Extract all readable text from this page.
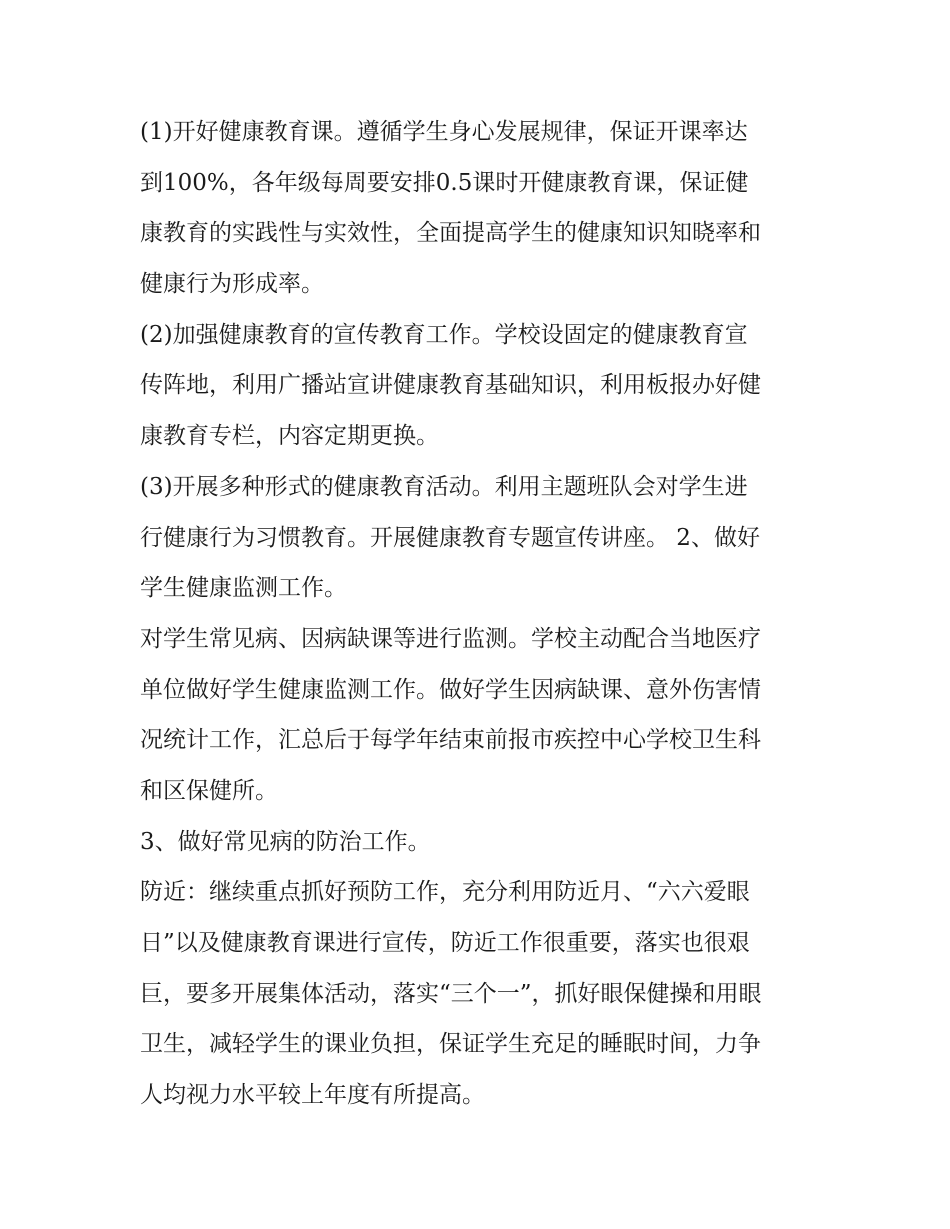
(1)开好健康教育课。遵循学生身心发展规律，保证开课率达
到100%，各年级每周要安排0.5课时开健康教育课，保证健
康教育的实践性与实效性，全面提高学生的健康知识知晓率和
健康行为形成率。
(2)加强健康教育的宣传教育工作。学校设固定的健康教育宣
传阵地，利用广播站宣讲健康教育基础知识，利用板报办好健
康教育专栏，内容定期更换。
(3)开展多种形式的健康教育活动。利用主题班队会对学生进
行健康行为习惯教育。开展健康教育专题宣传讲座。 2、做好
学生健康监测工作。
对学生常见病、因病缺课等进行监测。学校主动配合当地医疗
单位做好学生健康监测工作。做好学生因病缺课、意外伤害情
况统计工作，汇总后于每学年结束前报市疾控中心学校卫生科
和区保健所。
3、做好常见病的防治工作。
防近：继续重点抓好预防工作，充分利用防近月、“六六爱眼
日”以及健康教育课进行宣传，防近工作很重要，落实也很艰
巨，要多开展集体活动，落实“三个一”，抓好眼保健操和用眼
卫生，减轻学生的课业负担，保证学生充足的睡眠时间，力争
人均视力水平较上年度有所提高。
